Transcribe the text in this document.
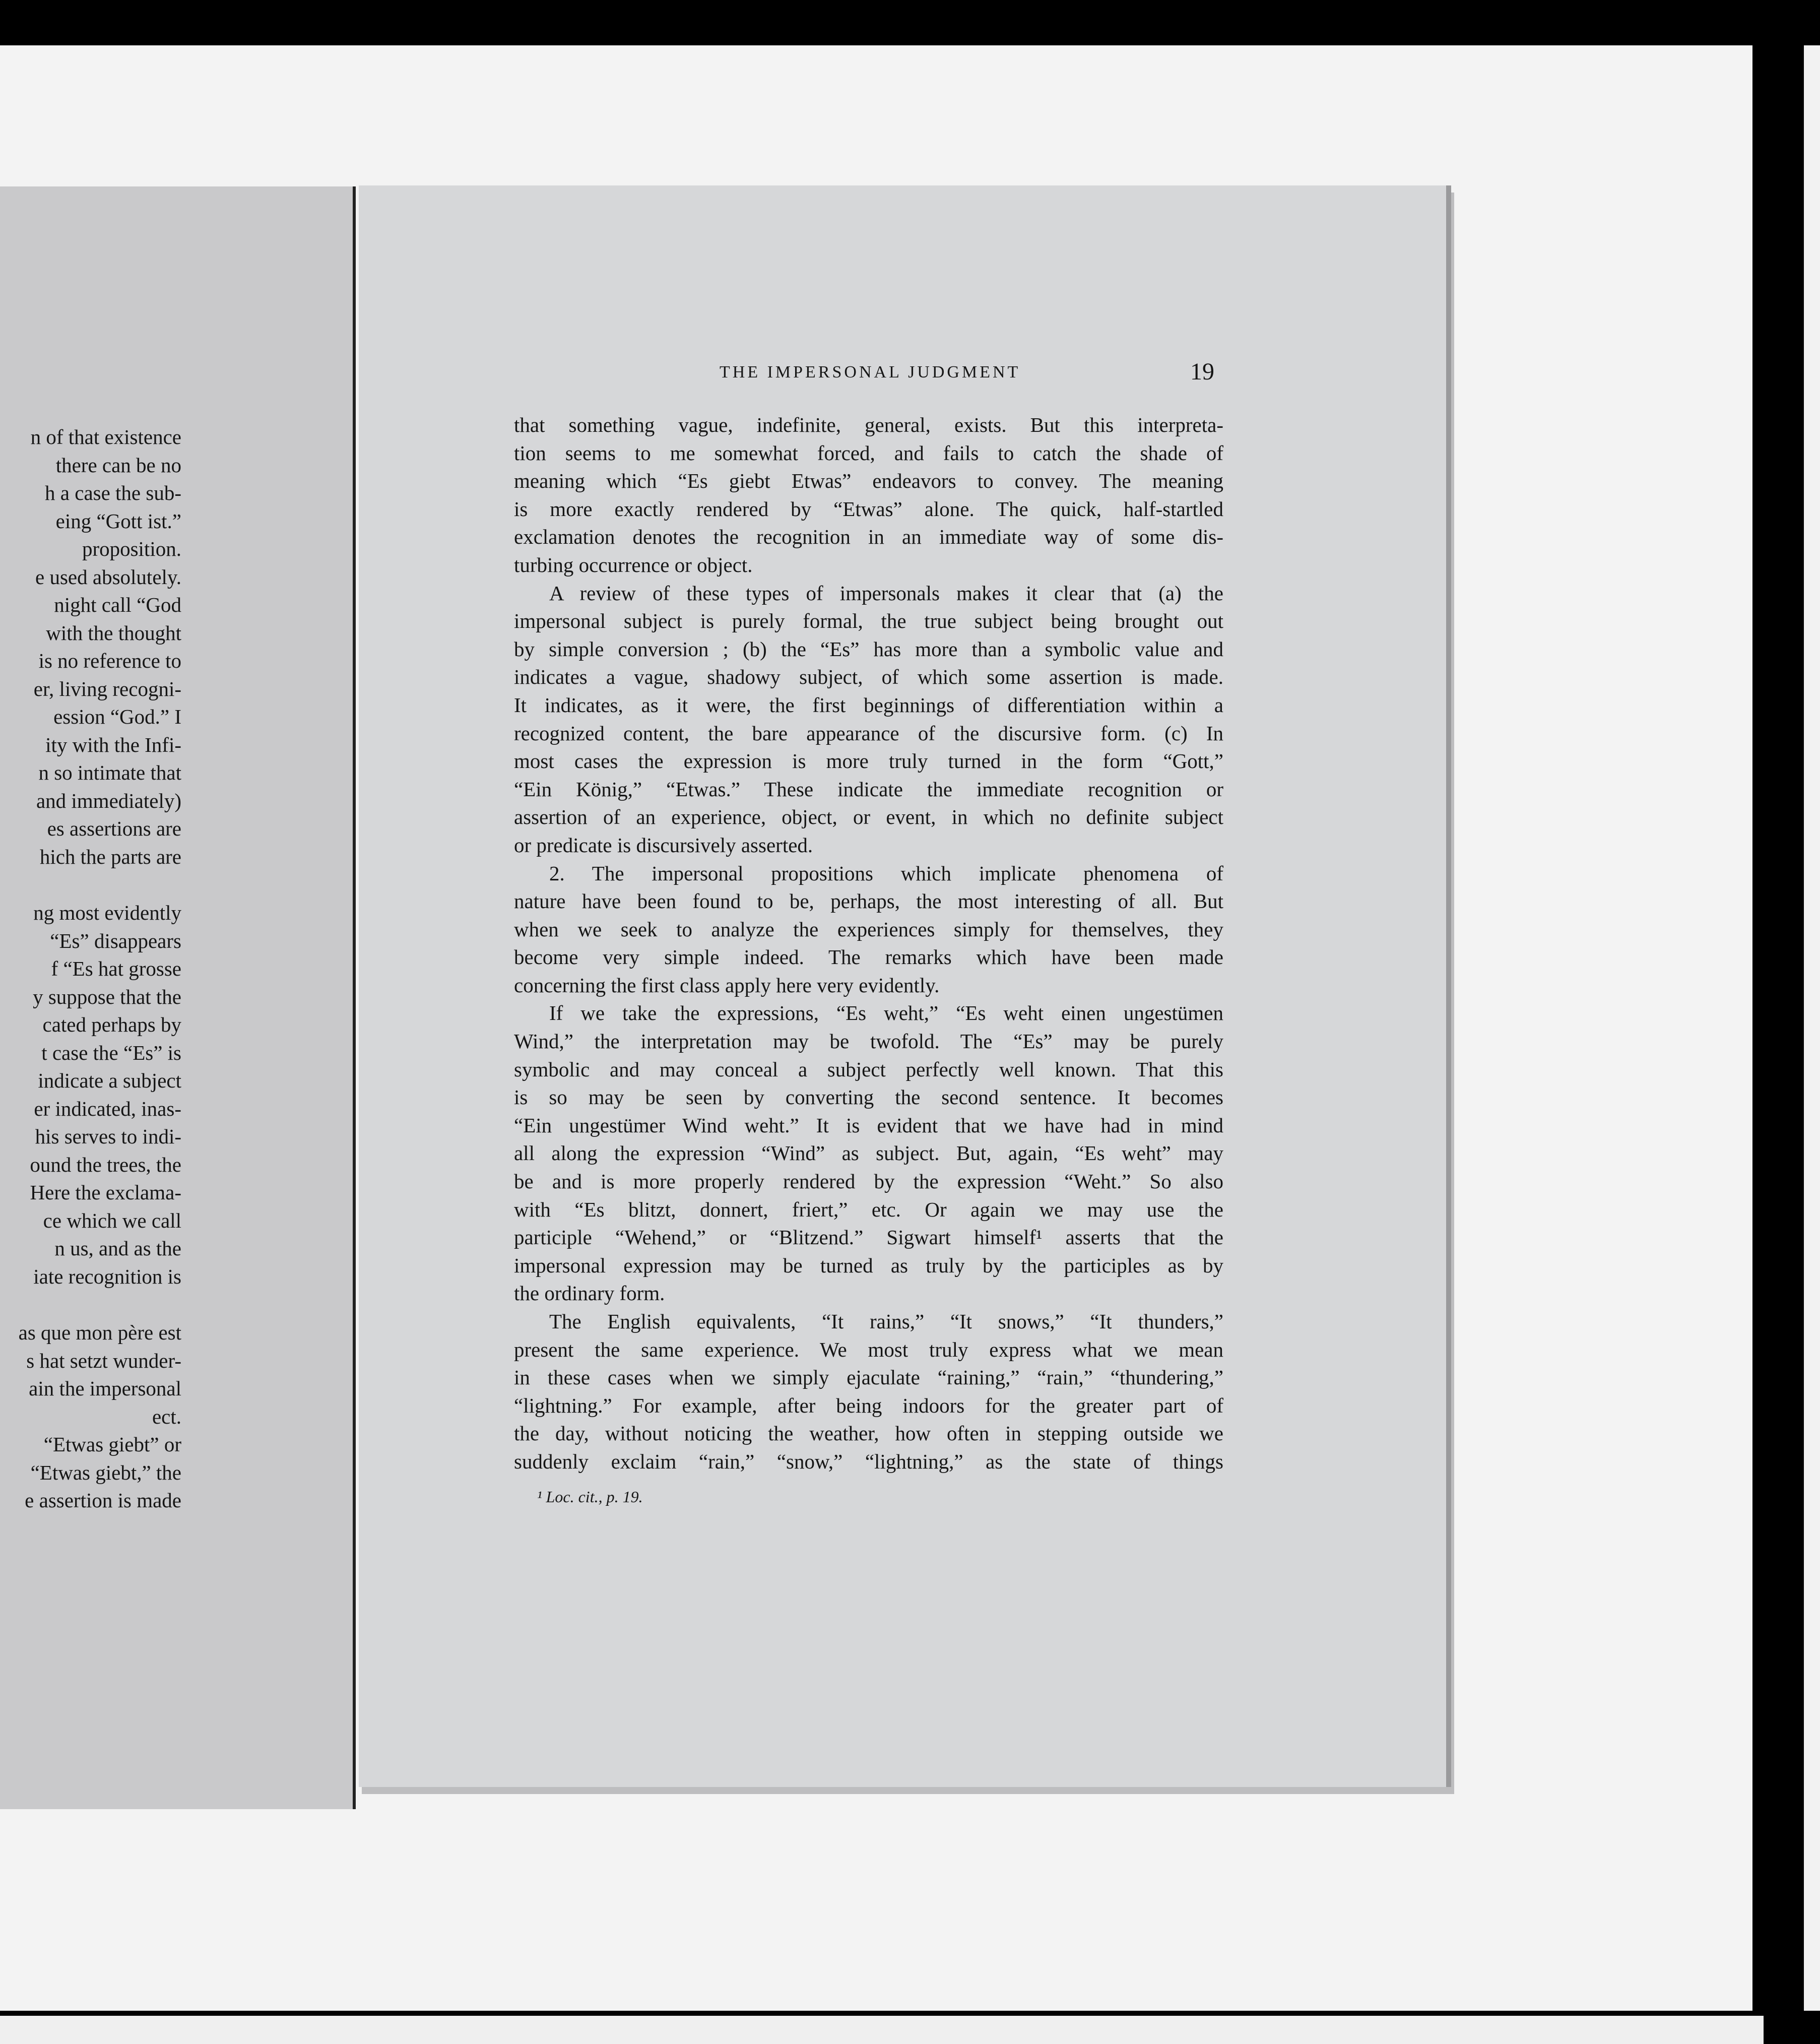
n of that existence
there can be no
h a case the sub-
eing “Gott ist.”
proposition.
e used absolutely.
night call “God
with the thought
is no reference to
er, living recogni-
ession “God.” I
ity with the Infi-
n so intimate that
and immediately)
es assertions are
hich the parts are
ng most evidently
“Es” disappears
f “Es hat grosse
y suppose that the
cated perhaps by
t case the “Es” is
indicate a subject
er indicated, inas-
his serves to indi-
ound the trees, the
Here the exclama-
ce which we call
n us, and as the
iate recognition is
as que mon père est
s hat setzt wunder-
ain the impersonal
ect.
“Etwas giebt” or
“Etwas giebt,” the
e assertion is made
THE IMPERSONAL JUDGMENT	19
that something vague, indefinite, general, exists. But this interpreta-
tion seems to me somewhat forced, and fails to catch the shade of
meaning which “Es giebt Etwas” endeavors to convey. The meaning
is more exactly rendered by “Etwas” alone. The quick, half-startled
exclamation denotes the recognition in an immediate way of some dis-
turbing occurrence or object.
A review of these types of impersonals makes it clear that (a) the
impersonal subject is purely formal, the true subject being brought out
by simple conversion ; (b) the “Es” has more than a symbolic value and
indicates a vague, shadowy subject, of which some assertion is made.
It indicates, as it were, the first beginnings of differentiation within a
recognized content, the bare appearance of the discursive form. (c) In
most cases the expression is more truly turned in the form “Gott,”
“Ein König,” “Etwas.” These indicate the immediate recognition or
assertion of an experience, object, or event, in which no definite subject
or predicate is discursively asserted.
2. The impersonal propositions which implicate phenomena of
nature have been found to be, perhaps, the most interesting of all. But
when we seek to analyze the experiences simply for themselves, they
become very simple indeed. The remarks which have been made
concerning the first class apply here very evidently.
If we take the expressions, “Es weht,” “Es weht einen ungestümen
Wind,” the interpretation may be twofold. The “Es” may be purely
symbolic and may conceal a subject perfectly well known. That this
is so may be seen by converting the second sentence. It becomes
“Ein ungestümer Wind weht.” It is evident that we have had in mind
all along the expression “Wind” as subject. But, again, “Es weht” may
be and is more properly rendered by the expression “Weht.” So also
with “Es blitzt, donnert, friert,” etc. Or again we may use the
participle “Wehend,” or “Blitzend.” Sigwart himself¹ asserts that the
impersonal expression may be turned as truly by the participles as by
the ordinary form.
The English equivalents, “It rains,” “It snows,” “It thunders,”
present the same experience. We most truly express what we mean
in these cases when we simply ejaculate “raining,” “rain,” “thundering,”
“lightning.” For example, after being indoors for the greater part of
the day, without noticing the weather, how often in stepping outside we
suddenly exclaim “rain,” “snow,” “lightning,” as the state of things
¹ Loc. cit., p. 19.
